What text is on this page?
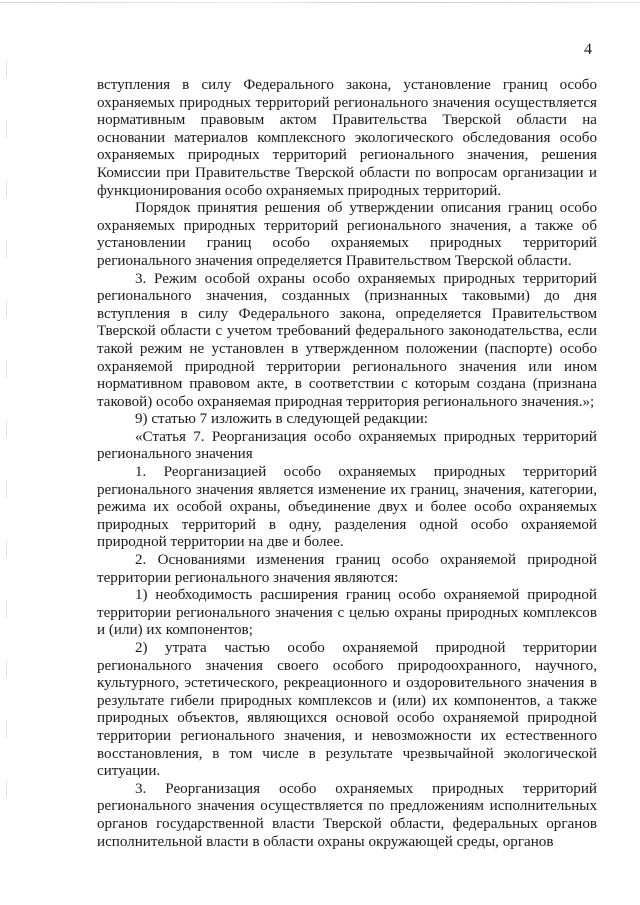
4

вступления в силу Федерального закона, установление границ особо охраняемых природных территорий регионального значения осуществляется нормативным правовым актом Правительства Тверской области на основании материалов комплексного экологического обследования особо охраняемых природных территорий регионального значения, решения Комиссии при Правительстве Тверской области по вопросам организации и функционирования особо охраняемых природных территорий.

Порядок принятия решения об утверждении описания границ особо охраняемых природных территорий регионального значения, а также об установлении границ особо охраняемых природных территорий регионального значения определяется Правительством Тверской области.

3. Режим особой охраны особо охраняемых природных территорий регионального значения, созданных (признанных таковыми) до дня вступления в силу Федерального закона, определяется Правительством Тверской области с учетом требований федерального законодательства, если такой режим не установлен в утвержденном положении (паспорте) особо охраняемой природной территории регионального значения или ином нормативном правовом акте, в соответствии с которым создана (признана таковой) особо охраняемая природная территория регионального значения.»;

9) статью 7 изложить в следующей редакции:

«Статья 7. Реорганизация особо охраняемых природных территорий регионального значения

1. Реорганизацией особо охраняемых природных территорий регионального значения является изменение их границ, значения, категории, режима их особой охраны, объединение двух и более особо охраняемых природных территорий в одну, разделения одной особо охраняемой природной территории на две и более.

2. Основаниями изменения границ особо охраняемой природной территории регионального значения являются:

1) необходимость расширения границ особо охраняемой природной территории регионального значения с целью охраны природных комплексов и (или) их компонентов;

2) утрата частью особо охраняемой природной территории регионального значения своего особого природоохранного, научного, культурного, эстетического, рекреационного и оздоровительного значения в результате гибели природных комплексов и (или) их компонентов, а также природных объектов, являющихся основой особо охраняемой природной территории регионального значения, и невозможности их естественного восстановления, в том числе в результате чрезвычайной экологической ситуации.

3. Реорганизация особо охраняемых природных территорий регионального значения осуществляется по предложениям исполнительных органов государственной власти Тверской области, федеральных органов исполнительной власти в области охраны окружающей среды, органов
